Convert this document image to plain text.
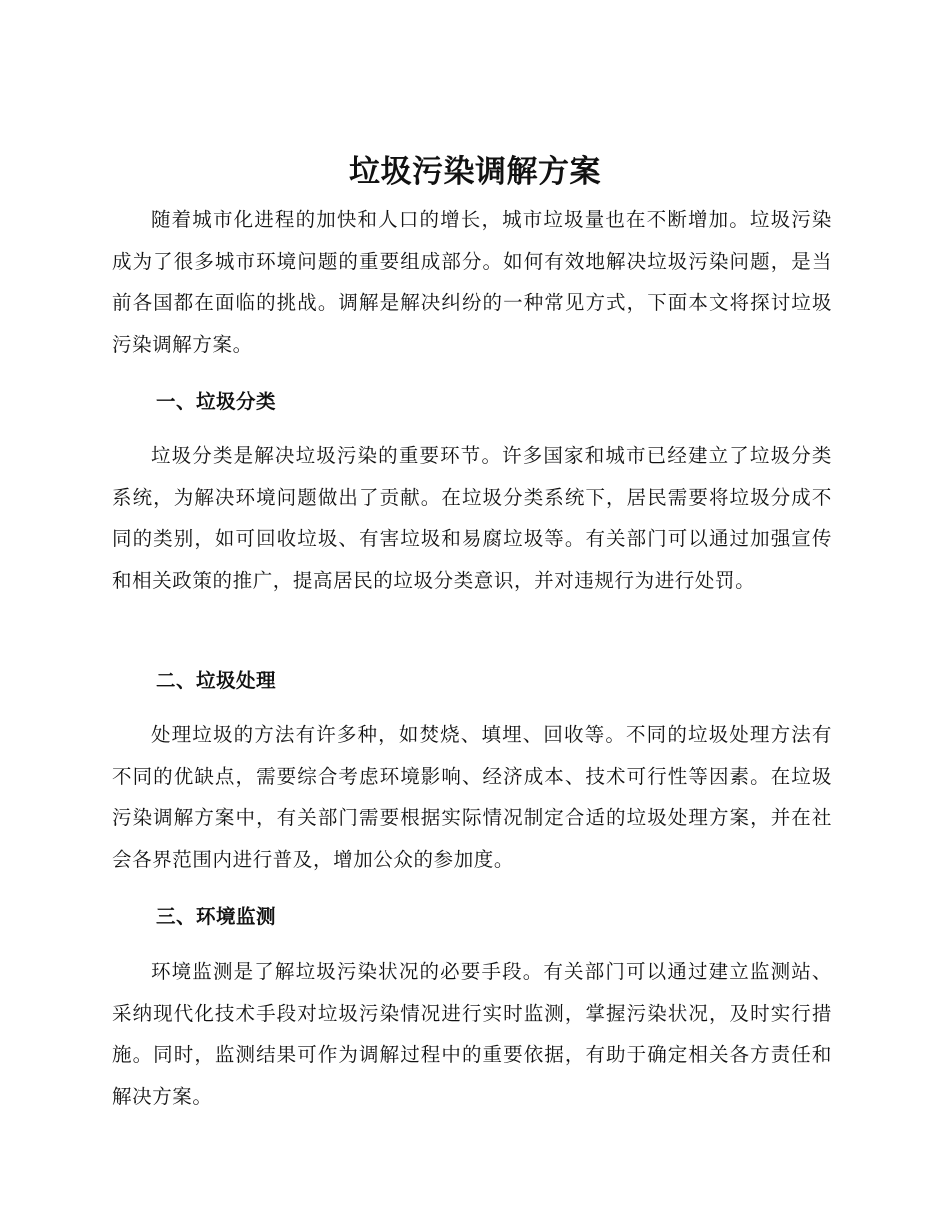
垃圾污染调解方案

随着城市化进程的加快和人口的增长，城市垃圾量也在不断增加。垃圾污染成为了很多城市环境问题的重要组成部分。如何有效地解决垃圾污染问题，是当前各国都在面临的挑战。调解是解决纠纷的一种常见方式，下面本文将探讨垃圾污染调解方案。

一、垃圾分类

垃圾分类是解决垃圾污染的重要环节。许多国家和城市已经建立了垃圾分类系统，为解决环境问题做出了贡献。在垃圾分类系统下，居民需要将垃圾分成不同的类别，如可回收垃圾、有害垃圾和易腐垃圾等。有关部门可以通过加强宣传和相关政策的推广，提高居民的垃圾分类意识，并对违规行为进行处罚。

二、垃圾处理

处理垃圾的方法有许多种，如焚烧、填埋、回收等。不同的垃圾处理方法有不同的优缺点，需要综合考虑环境影响、经济成本、技术可行性等因素。在垃圾污染调解方案中，有关部门需要根据实际情况制定合适的垃圾处理方案，并在社会各界范围内进行普及，增加公众的参加度。

三、环境监测

环境监测是了解垃圾污染状况的必要手段。有关部门可以通过建立监测站、采纳现代化技术手段对垃圾污染情况进行实时监测，掌握污染状况，及时实行措施。同时，监测结果可作为调解过程中的重要依据，有助于确定相关各方责任和解决方案。
